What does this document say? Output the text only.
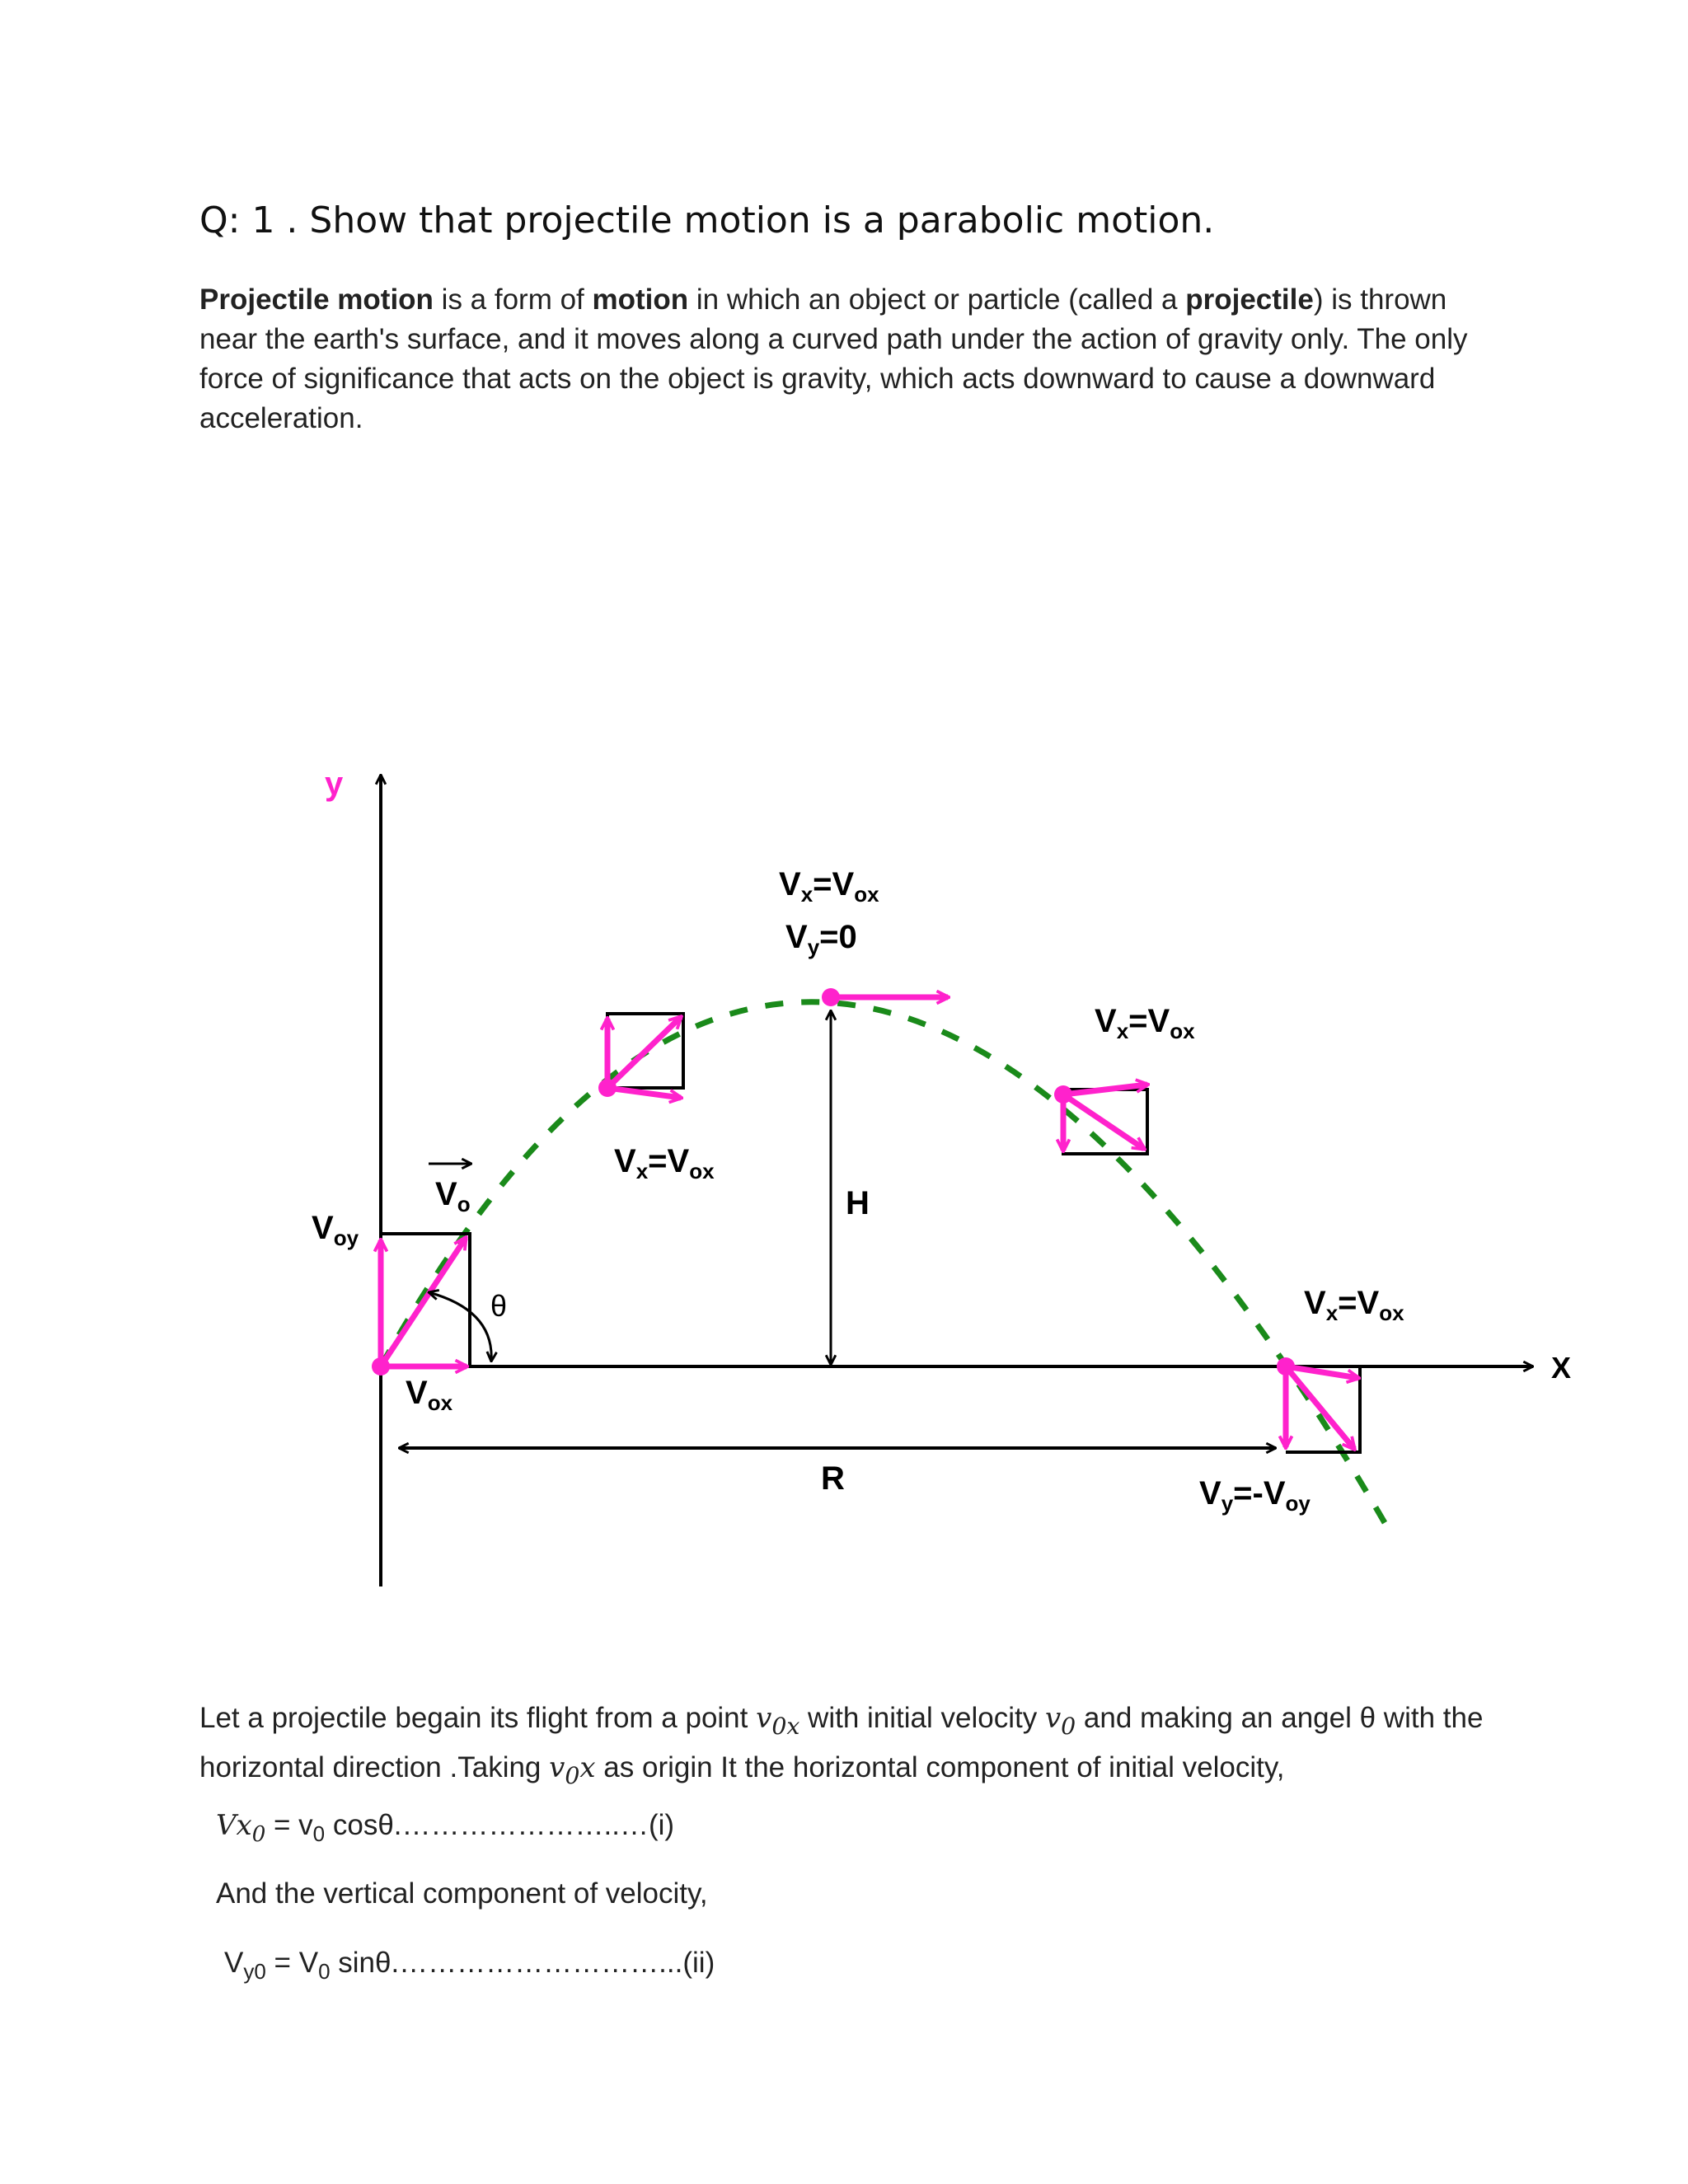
Q: 1 . Show that projectile motion is a parabolic motion.

Projectile motion is a form of motion in which an object or particle (called a projectile) is thrown near the earth's surface, and it moves along a curved path under the action of gravity only. The only force of significance that acts on the object is gravity, which acts downward to cause a downward acceleration.

y
X
θ
$V_o$
$V_{oy}$
$V_{ox}$
$V_x=V_{ox}$
$V_x=V_{ox}$
$V_y=0$
H
$V_x=V_{ox}$
$V_x=V_{ox}$
$V_y=-V_{oy}$
R

Let a projectile begain its flight from a point $v_{0x}$ with initial velocity $v_0$ and making an angel θ with the horizontal direction .Taking $v_0x$ as origin It the horizontal component of initial velocity,

$Vx_0 = v_0$ cosθ.…………………..…(i)

And the vertical component of velocity,

$V_{y0} = V_0$ sinθ.………………………...(ii)
